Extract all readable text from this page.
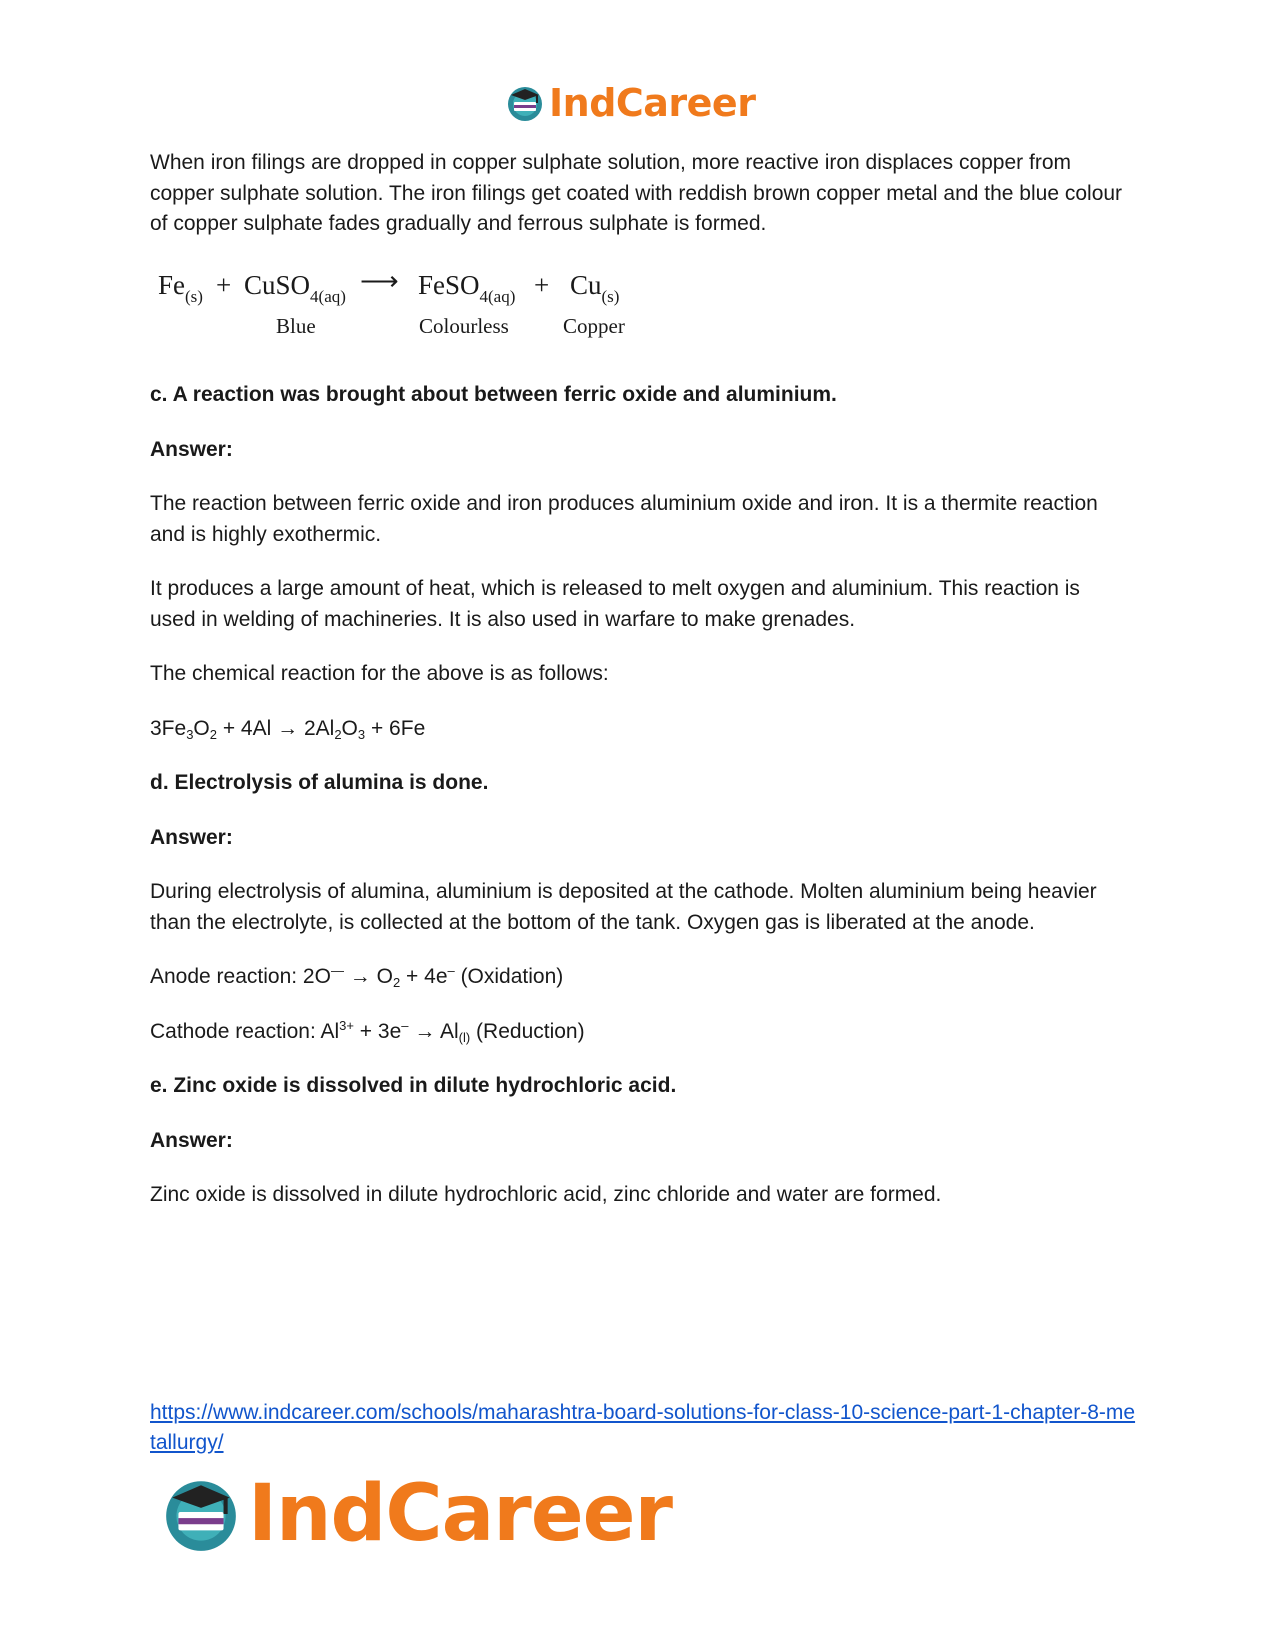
IndCareer

When iron filings are dropped in copper sulphate solution, more reactive iron displaces copper from copper sulphate solution. The iron filings get coated with reddish brown copper metal and the blue colour of copper sulphate fades gradually and ferrous sulphate is formed.

$Fe_{(s)}$ + CuSO$_{4(aq)}$
⟶ FeSO$_{4(aq)}$ + $Cu_{(s)}$
Blue	Colourless	Copper

c. A reaction was brought about between ferric oxide and aluminium.

Answer:

The reaction between ferric oxide and iron produces aluminium oxide and iron. It is a thermite reaction and is highly exothermic.

It produces a large amount of heat, which is released to melt oxygen and aluminium. This reaction is used in welding of machineries. It is also used in warfare to make grenades.

The chemical reaction for the above is as follows:

$3Fe_3O_2 + 4Al \to 2Al_2O_3 + 6Fe$

d. Electrolysis of alumina is done.

Answer:

During electrolysis of alumina, aluminium is deposited at the cathode. Molten aluminium being heavier than the electrolyte, is collected at the bottom of the tank. Oxygen gas is liberated at the anode.

Anode reaction: $2O^— \to O_2 + 4e^-$ (Oxidation)

Cathode reaction: $Al^{3+} + 3e^- \to Al_{(l)}$ (Reduction)

e. Zinc oxide is dissolved in dilute hydrochloric acid.

Answer:

Zinc oxide is dissolved in dilute hydrochloric acid, zinc chloride and water are formed.

https://www.indcareer.com/schools/maharashtra-board-solutions-for-class-10-science-part-1-chapter-8-metallurgy/
IndCareer
